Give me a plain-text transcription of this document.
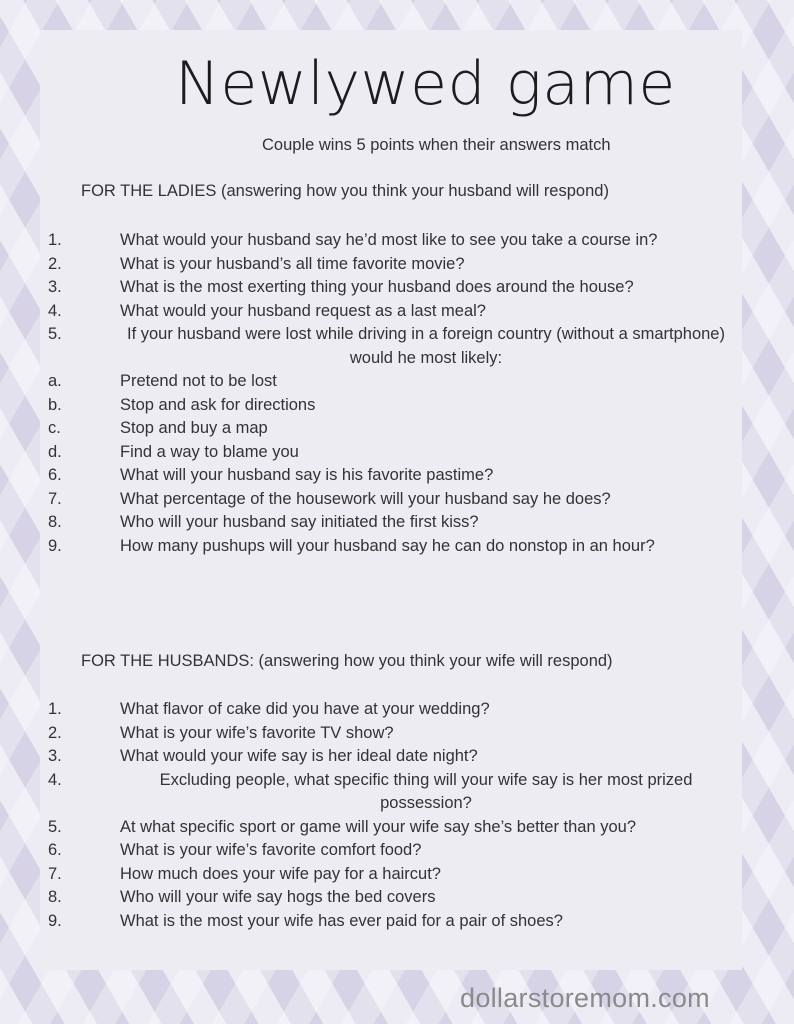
Newlywed game
Couple wins 5 points when their answers match
FOR THE LADIES (answering how you think your husband will respond)
1.	What would your husband say he’d most like to see you take a course in?
2.	What is your husband’s all time favorite movie?
3.	What is the most exerting thing your husband does around the house?
4.	What would your husband request as a last meal?
5.	If your husband were lost while driving in a foreign country (without a smartphone) would he most likely:
a.	Pretend not to be lost
b.	Stop and ask for directions
c.	Stop and buy a map
d.	Find a way to blame you
6.	What will your husband say is his favorite pastime?
7.	What percentage of the housework will your husband say he does?
8.	Who will your husband say initiated the first kiss?
9.	How many pushups will your husband say he can do nonstop in an hour?
FOR THE HUSBANDS: (answering how you think your wife will respond)
1.	What flavor of cake did you have at your wedding?
2.	What is your wife’s favorite TV show?
3.	What would your wife say is her ideal date night?
4.	Excluding people, what specific thing will your wife say is her most prized possession?
5.	At what specific sport or game will your wife say she’s better than you?
6.	What is your wife’s favorite comfort food?
7.	How much does your wife pay for a haircut?
8.	Who will your wife say hogs the bed covers
9.	What is the most your wife has ever paid for a pair of shoes?
dollarstoremom.com
